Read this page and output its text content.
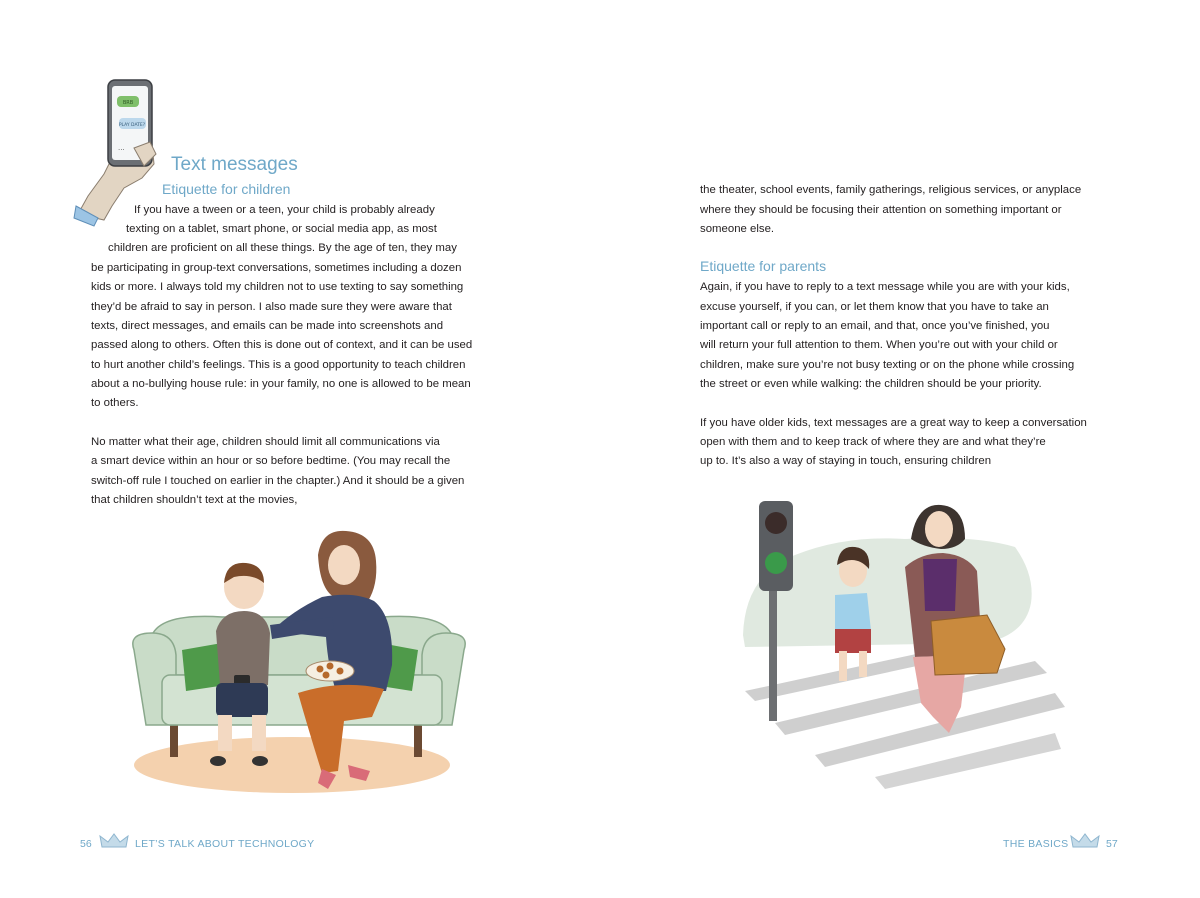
BRB
PLAY DATE?
...
Text messages
Etiquette for children
If you have a tween or a teen, your child is probably already
texting on a tablet, smart phone, or social media app, as most
children are proficient on all these things. By the age of ten, they may
be participating in group-text conversations, sometimes including a dozen
kids or more. I always told my children not to use texting to say something
they’d be afraid to say in person. I also made sure they were aware that
texts, direct messages, and emails can be made into screenshots and
passed along to others. Often this is done out of context, and it can be used
to hurt another child’s feelings. This is a good opportunity to teach children
about a no-bullying house rule: in your family, no one is allowed to be mean
to others.
No matter what their age, children should limit all communications via
a smart device within an hour or so before bedtime. (You may recall the
switch-off rule I touched on earlier in the chapter.) And it should be a given
that children shouldn’t text at the movies,
56	LET’S TALK ABOUT TECHNOLOGY
the theater, school events, family gatherings, religious services, or anyplace
where they should be focusing their attention on something important or
someone else.
Etiquette for parents
Again, if you have to reply to a text message while you are with your kids,
excuse yourself, if you can, or let them know that you have to take an
important call or reply to an email, and that, once you’ve finished, you
will return your full attention to them. When you’re out with your child or
children, make sure you’re not busy texting or on the phone while crossing
the street or even while walking: the children should be your priority.
If you have older kids, text messages are a great way to keep a conversation
open with them and to keep track of where they are and what they’re
up to. It’s also a way of staying in touch, ensuring children
THE BASICS	57
